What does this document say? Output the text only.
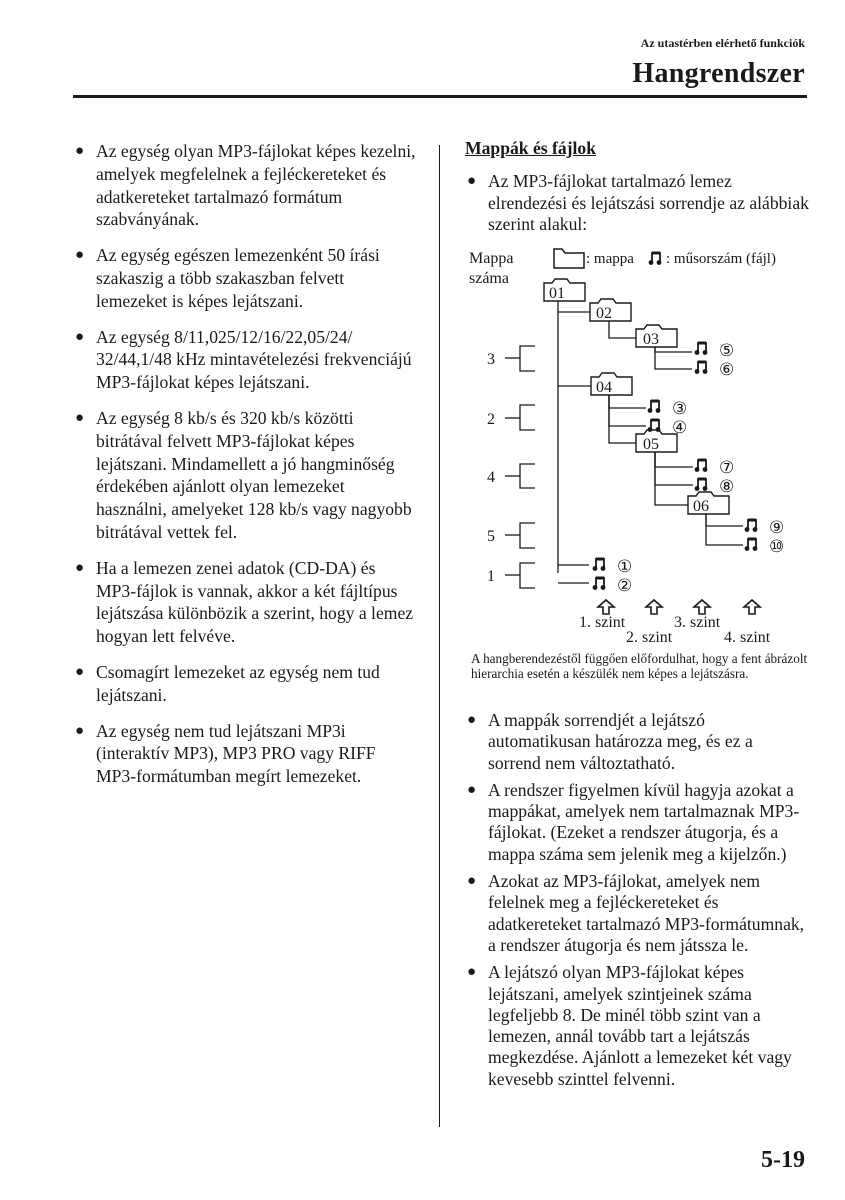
Az utastérben elérhető funkciók
Hangrendszer
● Az egység olyan MP3-fájlokat képes kezelni, amelyek megfelelnek a fejléckereteket és adatkereteket tartalmazó formátum szabványának.
● Az egység egészen lemezenként 50 írási szakaszig a több szakaszban felvett lemezeket is képes lejátszani.
● Az egység 8/11,025/12/16/22,05/24/ 32/44,1/48 kHz mintavételezési frekvenciájú MP3-fájlokat képes lejátszani.
● Az egység 8 kb/s és 320 kb/s közötti bitrátával felvett MP3-fájlokat képes lejátszani. Mindamellett a jó hangminőség érdekében ajánlott olyan lemezeket használni, amelyeket 128 kb/s vagy nagyobb bitrátával vettek fel.
● Ha a lemezen zenei adatok (CD-DA) és MP3-fájlok is vannak, akkor a két fájltípus lejátszása különbözik a szerint, hogy a lemez hogyan lett felvéve.
● Csomagírt lemezeket az egység nem tud lejátszani.
● Az egység nem tud lejátszani MP3i (interaktív MP3), MP3 PRO vagy RIFF MP3-formátumban megírt lemezeket.
Mappák és fájlok
● Az MP3-fájlokat tartalmazó lemez elrendezési és lejátszási sorrendje az alábbiak szerint alakul:
Mappa
száma
: mappa : műsorszám (fájl)
01
02
03
04
05
06
3
2
4
5
1
⑤
⑥
③
④
⑦
⑧
⑨
⑩
①
②
1. szint
2. szint
3. szint
4. szint
A hangberendezéstől függően előfordulhat, hogy a fent ábrázolt hierarchia esetén a készülék nem képes a lejátszásra.
● A mappák sorrendjét a lejátszó automatikusan határozza meg, és ez a sorrend nem változtatható.
● A rendszer figyelmen kívül hagyja azokat a mappákat, amelyek nem tartalmaznak MP3-fájlokat. (Ezeket a rendszer átugorja, és a mappa száma sem jelenik meg a kijelzőn.)
● Azokat az MP3-fájlokat, amelyek nem felelnek meg a fejléckereteket és adatkereteket tartalmazó MP3-formátumnak, a rendszer átugorja és nem játssza le.
● A lejátszó olyan MP3-fájlokat képes lejátszani, amelyek szintjeinek száma legfeljebb 8. De minél több szint van a lemezen, annál tovább tart a lejátszás megkezdése. Ajánlott a lemezeket két vagy kevesebb szinttel felvenni.
5-19
